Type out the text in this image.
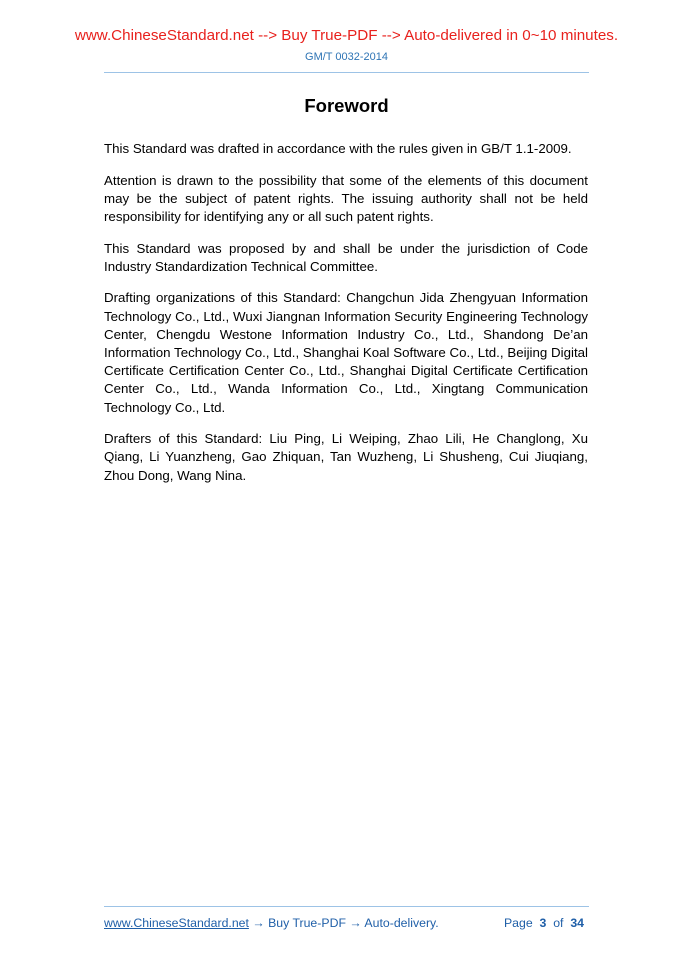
www.ChineseStandard.net --> Buy True-PDF --> Auto-delivered in 0~10 minutes.
GM/T 0032-2014
Foreword

This Standard was drafted in accordance with the rules given in GB/T 1.1-2009.

Attention is drawn to the possibility that some of the elements of this document may be the subject of patent rights. The issuing authority shall not be held responsibility for identifying any or all such patent rights.

This Standard was proposed by and shall be under the jurisdiction of Code Industry Standardization Technical Committee.

Drafting organizations of this Standard: Changchun Jida Zhengyuan Information Technology Co., Ltd., Wuxi Jiangnan Information Security Engineering Technology Center, Chengdu Westone Information Industry Co., Ltd., Shandong De’an Information Technology Co., Ltd., Shanghai Koal Software Co., Ltd., Beijing Digital Certificate Certification Center Co., Ltd., Shanghai Digital Certificate Certification Center Co., Ltd., Wanda Information Co., Ltd., Xingtang Communication Technology Co., Ltd.

Drafters of this Standard: Liu Ping, Li Weiping, Zhao Lili, He Changlong, Xu Qiang, Li Yuanzheng, Gao Zhiquan, Tan Wuzheng, Li Shusheng, Cui Jiuqiang, Zhou Dong, Wang Nina.

www.ChineseStandard.net → Buy True-PDF → Auto-delivery.	Page 3 of 34
